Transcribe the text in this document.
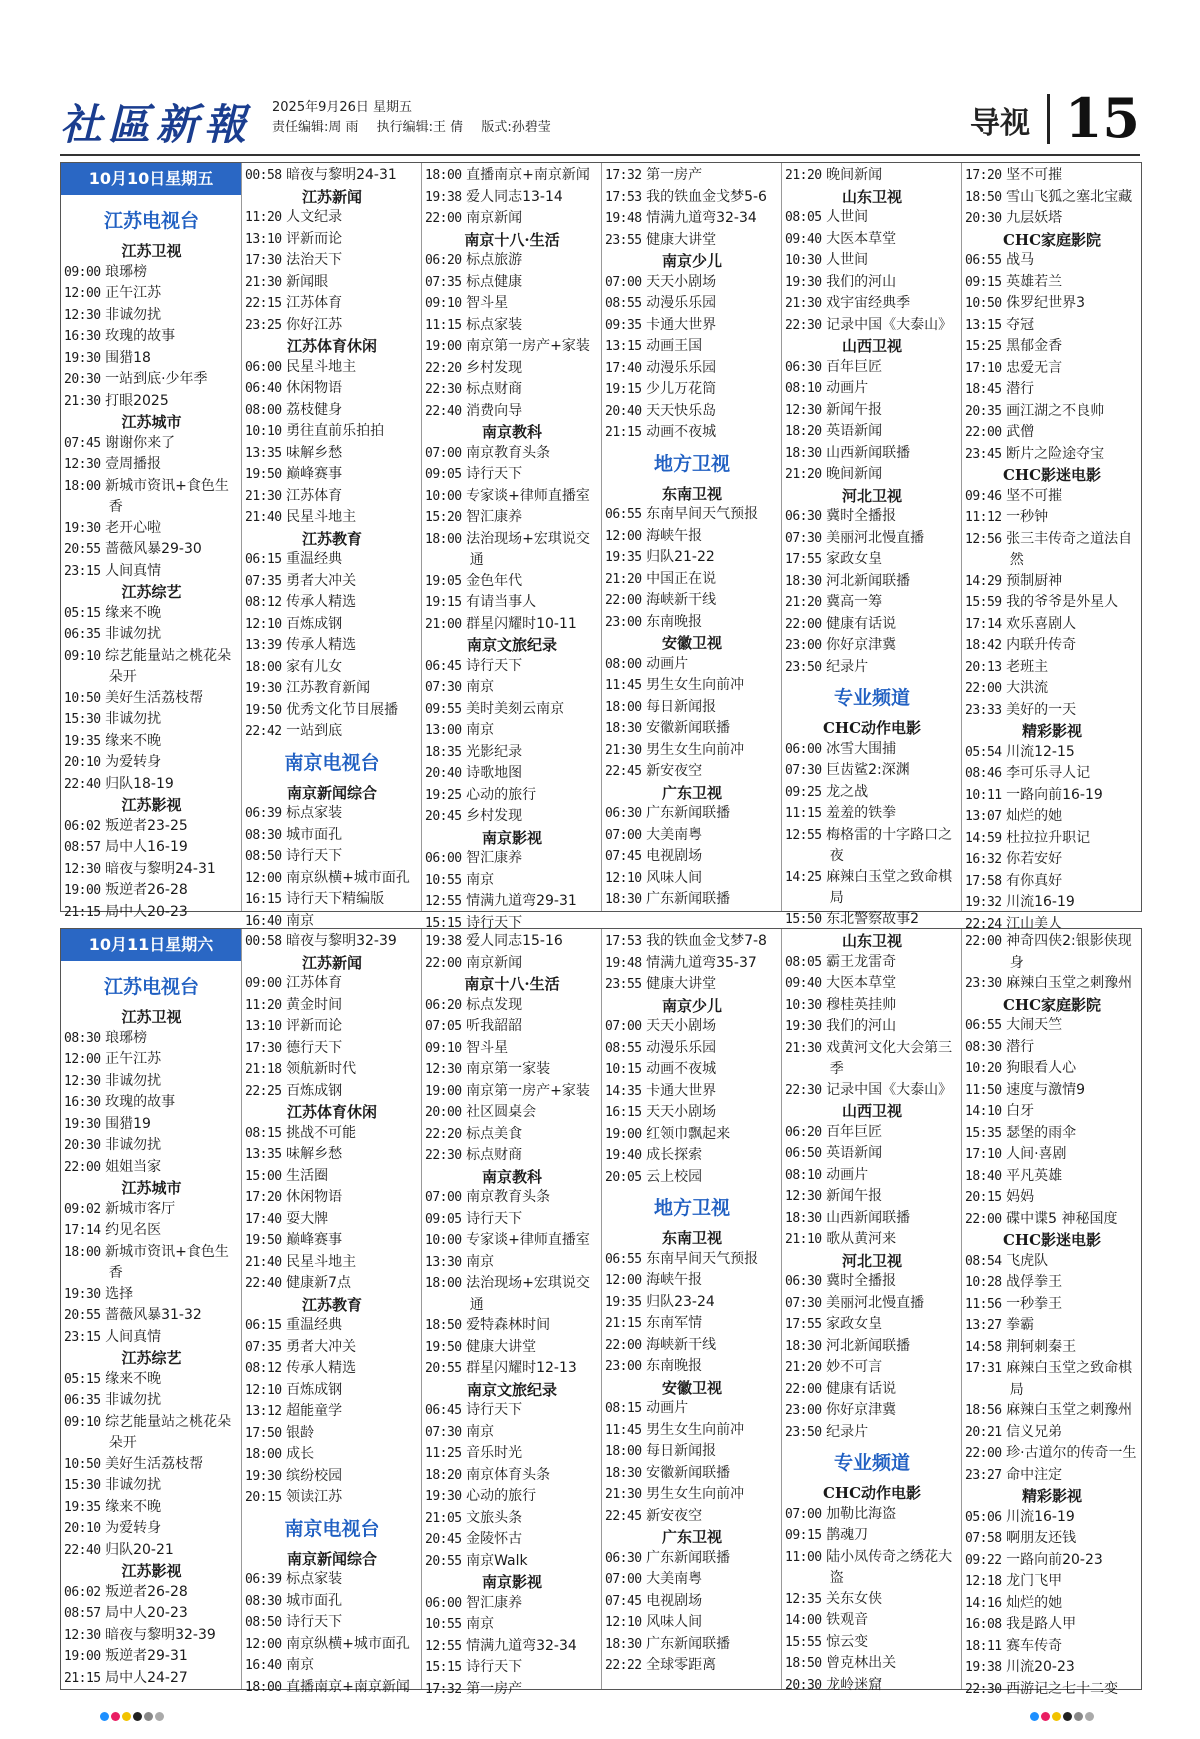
社區新報 2025年9月26日 星期五
责任编辑:周 雨 执行编辑:王 倩 版式:孙碧莹	导视 15
10月10日星期五
江苏电视台
江苏卫视
09:00 琅琊榜
12:00 正午江苏
12:30 非诚勿扰
16:30 玫瑰的故事
19:30 围猎18
20:30 一站到底·少年季
21:30 打眼2025
江苏城市
07:45 谢谢你来了
12:30 壹周播报
18:00 新城市资讯+食色生香
19:30 老开心啦
20:55 蔷薇风暴29-30
23:15 人间真情
江苏综艺
05:15 缘来不晚
06:35 非诚勿扰
09:10 综艺能量站之桃花朵朵开
10:50 美好生活荔枝帮
15:30 非诚勿扰
19:35 缘来不晚
20:10 为爱转身
22:40 归队18-19
江苏影视
06:02 叛逆者23-25
08:57 局中人16-19
12:30 暗夜与黎明24-31
19:00 叛逆者26-28
21:15 局中人20-23
00:58 暗夜与黎明24-31
江苏新闻
11:20 人文纪录
13:10 评新而论
17:30 法治天下
21:30 新闻眼
22:15 江苏体育
23:25 你好江苏
江苏体育休闲
06:00 民星斗地主
06:40 休闲物语
08:00 荔枝健身
10:10 勇往直前乐拍拍
13:35 味解乡愁
19:50 巅峰赛事
21:30 江苏体育
21:40 民星斗地主
江苏教育
06:15 重温经典
07:35 勇者大冲关
08:12 传承人精选
12:10 百炼成钢
13:39 传承人精选
18:00 家有儿女
19:30 江苏教育新闻
19:50 优秀文化节目展播
22:42 一站到底
南京电视台
南京新闻综合
06:39 标点家装
08:30 城市面孔
08:50 诗行天下
12:00 南京纵横+城市面孔
16:15 诗行天下精编版
16:40 南京
18:00 直播南京+南京新闻
19:38 爱人同志13-14
22:00 南京新闻
南京十八·生活
06:20 标点旅游
07:35 标点健康
09:10 智斗星
11:15 标点家装
19:00 南京第一房产+家装
22:20 乡村发现
22:30 标点财商
22:40 消费向导
南京教科
07:00 南京教育头条
09:05 诗行天下
10:00 专家谈+律师直播室
15:20 智汇康养
18:00 法治现场+宏琪说交通
19:05 金色年代
19:15 有请当事人
21:00 群星闪耀时10-11
南京文旅纪录
06:45 诗行天下
07:30 南京
09:55 美时美刻云南京
13:00 南京
18:35 光影纪录
20:40 诗歌地图
19:25 心动的旅行
20:45 乡村发现
南京影视
06:00 智汇康养
10:55 南京
12:55 情满九道弯29-31
15:15 诗行天下
17:32 第一房产
17:53 我的铁血金戈梦5-6
19:48 情满九道弯32-34
23:55 健康大讲堂
南京少儿
07:00 天天小剧场
08:55 动漫乐乐园
09:35 卡通大世界
13:15 动画王国
17:40 动漫乐乐园
19:15 少儿万花筒
20:40 天天快乐岛
21:15 动画不夜城
地方卫视
东南卫视
06:55 东南早间天气预报
12:00 海峡午报
19:35 归队21-22
21:20 中国正在说
22:00 海峡新干线
23:00 东南晚报
安徽卫视
08:00 动画片
11:45 男生女生向前冲
18:00 每日新闻报
18:30 安徽新闻联播
21:30 男生女生向前冲
22:45 新安夜空
广东卫视
06:30 广东新闻联播
07:00 大美南粤
07:45 电视剧场
12:10 风味人间
18:30 广东新闻联播
21:20 晚间新闻
山东卫视
08:05 人世间
09:40 大医本草堂
10:30 人世间
19:30 我们的河山
21:30 戏宇宙经典季
22:30 记录中国《大泰山》
山西卫视
06:30 百年巨匠
08:10 动画片
12:30 新闻午报
18:20 英语新闻
18:30 山西新闻联播
21:20 晚间新闻
河北卫视
06:30 冀时全播报
07:30 美丽河北慢直播
17:55 家政女皇
18:30 河北新闻联播
21:20 冀高一筹
22:00 健康有话说
23:00 你好京津冀
23:50 纪录片
专业频道
CHC动作电影
06:00 冰雪大围捕
07:30 巨齿鲨2:深渊
09:25 龙之战
11:15 羞羞的铁拳
12:55 梅格雷的十字路口之夜
14:25 麻辣白玉堂之致命棋局
15:50 东北警察故事2
17:20 坚不可摧
18:50 雪山飞狐之塞北宝藏
20:30 九层妖塔
CHC家庭影院
06:55 战马
09:15 英雄若兰
10:50 侏罗纪世界3
13:15 夺冠
15:25 黑郁金香
17:10 忠爱无言
18:45 潜行
20:35 画江湖之不良帅
22:00 武僧
23:45 断片之险途夺宝
CHC影迷电影
09:46 坚不可摧
11:12 一秒钟
12:56 张三丰传奇之道法自然
14:29 预制厨神
15:59 我的爷爷是外星人
17:14 欢乐喜剧人
18:42 内联升传奇
20:13 老班主
22:00 大洪流
23:33 美好的一天
精彩影视
05:54 川流12-15
08:46 李可乐寻人记
10:11 一路向前16-19
13:07 灿烂的她
14:59 杜拉拉升职记
16:32 你若安好
17:58 有你真好
19:32 川流16-19
22:24 江山美人
10月11日星期六
江苏电视台
江苏卫视
08:30 琅琊榜
12:00 正午江苏
12:30 非诚勿扰
16:30 玫瑰的故事
19:30 围猎19
20:30 非诚勿扰
22:00 姐姐当家
江苏城市
09:02 新城市客厅
17:14 约见名医
18:00 新城市资讯+食色生香
19:30 选择
20:55 蔷薇风暴31-32
23:15 人间真情
江苏综艺
05:15 缘来不晚
06:35 非诚勿扰
09:10 综艺能量站之桃花朵朵开
10:50 美好生活荔枝帮
15:30 非诚勿扰
19:35 缘来不晚
20:10 为爱转身
22:40 归队20-21
江苏影视
06:02 叛逆者26-28
08:57 局中人20-23
12:30 暗夜与黎明32-39
19:00 叛逆者29-31
21:15 局中人24-27
00:58 暗夜与黎明32-39
江苏新闻
09:00 江苏体育
11:20 黄金时间
13:10 评新而论
17:30 德行天下
21:18 领航新时代
22:25 百炼成钢
江苏体育休闲
08:15 挑战不可能
13:35 味解乡愁
15:00 生活圈
17:20 休闲物语
17:40 耍大牌
19:50 巅峰赛事
21:40 民星斗地主
22:40 健康新7点
江苏教育
06:15 重温经典
07:35 勇者大冲关
08:12 传承人精选
12:10 百炼成钢
13:12 超能童学
17:50 银龄
18:00 成长
19:30 缤纷校园
20:15 领读江苏
南京电视台
南京新闻综合
06:39 标点家装
08:30 城市面孔
08:50 诗行天下
12:00 南京纵横+城市面孔
16:40 南京
18:00 直播南京+南京新闻
19:38 爱人同志15-16
22:00 南京新闻
南京十八·生活
06:20 标点发现
07:05 听我韶韶
09:10 智斗星
12:30 南京第一家装
19:00 南京第一房产+家装
20:00 社区圆桌会
22:20 标点美食
22:30 标点财商
南京教科
07:00 南京教育头条
09:05 诗行天下
10:00 专家谈+律师直播室
13:30 南京
18:00 法治现场+宏琪说交通
18:50 爱特森林时间
19:50 健康大讲堂
20:55 群星闪耀时12-13
南京文旅纪录
06:45 诗行天下
07:30 南京
11:25 音乐时光
18:20 南京体育头条
19:30 心动的旅行
21:05 文旅头条
20:45 金陵怀古
20:55 南京Walk
南京影视
06:00 智汇康养
10:55 南京
12:55 情满九道弯32-34
15:15 诗行天下
17:32 第一房产
17:53 我的铁血金戈梦7-8
19:48 情满九道弯35-37
23:55 健康大讲堂
南京少儿
07:00 天天小剧场
08:55 动漫乐乐园
10:15 动画不夜城
14:35 卡通大世界
16:15 天天小剧场
19:00 红领巾飘起来
19:40 成长探索
20:05 云上校园
地方卫视
东南卫视
06:55 东南早间天气预报
12:00 海峡午报
19:35 归队23-24
21:15 东南军情
22:00 海峡新干线
23:00 东南晚报
安徽卫视
08:15 动画片
11:45 男生女生向前冲
18:00 每日新闻报
18:30 安徽新闻联播
21:30 男生女生向前冲
22:45 新安夜空
广东卫视
06:30 广东新闻联播
07:00 大美南粤
07:45 电视剧场
12:10 风味人间
18:30 广东新闻联播
22:22 全球零距离
山东卫视
08:05 霸王龙雷奇
09:40 大医本草堂
10:30 穆桂英挂帅
19:30 我们的河山
21:30 戏黄河文化大会第三季
22:30 记录中国《大泰山》
山西卫视
06:20 百年巨匠
06:50 英语新闻
08:10 动画片
12:30 新闻午报
18:30 山西新闻联播
21:10 歌从黄河来
河北卫视
06:30 冀时全播报
07:30 美丽河北慢直播
17:55 家政女皇
18:30 河北新闻联播
21:20 妙不可言
22:00 健康有话说
23:00 你好京津冀
23:50 纪录片
专业频道
CHC动作电影
07:00 加勒比海盗
09:15 鹊魂刀
11:00 陆小凤传奇之绣花大盗
12:35 关东女侠
14:00 铁观音
15:55 惊云变
18:50 曾克林出关
20:30 龙岭迷窟
22:00 神奇四侠2:银影侠现身
23:30 麻辣白玉堂之刺豫州
CHC家庭影院
06:55 大闹天竺
08:30 潜行
10:20 狗眼看人心
11:50 速度与激情9
14:10 白牙
15:35 瑟堡的雨伞
17:10 人间·喜剧
18:40 平凡英雄
20:15 妈妈
22:00 碟中谍5 神秘国度
CHC影迷电影
08:54 飞虎队
10:28 战俘拳王
11:56 一秒拳王
13:27 拳霸
14:58 荆轲刺秦王
17:31 麻辣白玉堂之致命棋局
18:56 麻辣白玉堂之刺豫州
20:21 信义兄弟
22:00 珍·古道尔的传奇一生
23:27 命中注定
精彩影视
05:06 川流16-19
07:58 啊朋友还钱
09:22 一路向前20-23
12:18 龙门飞甲
14:16 灿烂的她
16:08 我是路人甲
18:11 赛车传奇
19:38 川流20-23
22:30 西游记之七十二变
